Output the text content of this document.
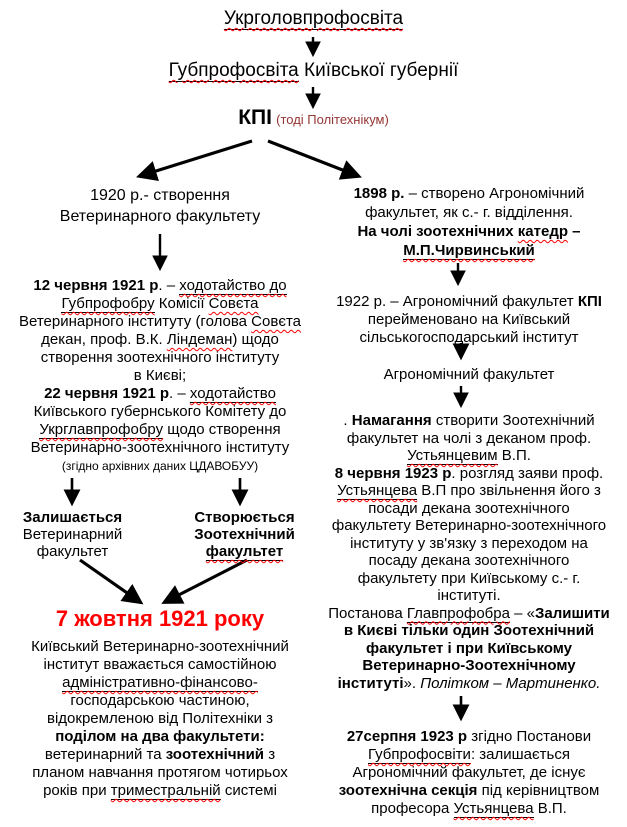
Укрголовпрофосвіта
Губпрофосвіта Київської губернії
КПІ (тоді Політехнікум)
1920 р.- створення
Ветеринарного факультету
1898 р. – створено Агрономічний
факультет, як с.- г. відділення.
На чолі зоотехнічних катедр –
М.П.Чирвинський
12 червня 1921 р. – ходотайство до
Губпрофобру Комісії Совєта
Ветеринарного інституту (голова Совєта
декан, проф. В.К. Ліндеман) щодо
створення зоотехнічного інституту
в Києві;
22 червня 1921 р. – ходотайство
Київського губернського Комітету до
Укрглавпрофобру щодо створення
Ветеринарно-зоотехнічного інституту
(згідно архівних даних ЦДАВОБУУ)
1922 р. – Агрономічний факультет КПІ
перейменовано на Київський
сільськогосподарський інститут
Агрономічний факультет
. Намагання створити Зоотехнічний
факультет на чолі з деканом проф.
Устьянцевим В.П.
8 червня 1923 р. розгляд заяви проф.
Устьянцева В.П про звільнення його з
посади декана зоотехнічного
факультету Ветеринарно-зоотехнічного
інституту у зв'язку з переходом на
посаду декана зоотехнічного
факультету при Київському с.- г.
інституті.
Постанова Главпрофобра – «Залишити
в Києві тільки один Зоотехнічний
факультет і при Київському
Ветеринарно-Зоотехнічному
інституті». Політком – Мартиненко.
Залишається
Ветеринарний
факультет
Створюється
Зоотехнічний
факультет
7 жовтня 1921 року
Київський Ветеринарно-зоотехнічний
інститут вважається самостійною
адміністративно-фінансово-
господарською частиною,
відокремленою від Політехніки з
поділом на два факультети:
ветеринарний та зоотехнічний з
планом навчання протягом чотирьох
років при триместральній системі
27серпня 1923 р згідно Постанови
Губпрофосвіти: залишається
Агрономічний факультет, де існує
зоотехнічна секція під керівництвом
професора Устьянцева В.П.
